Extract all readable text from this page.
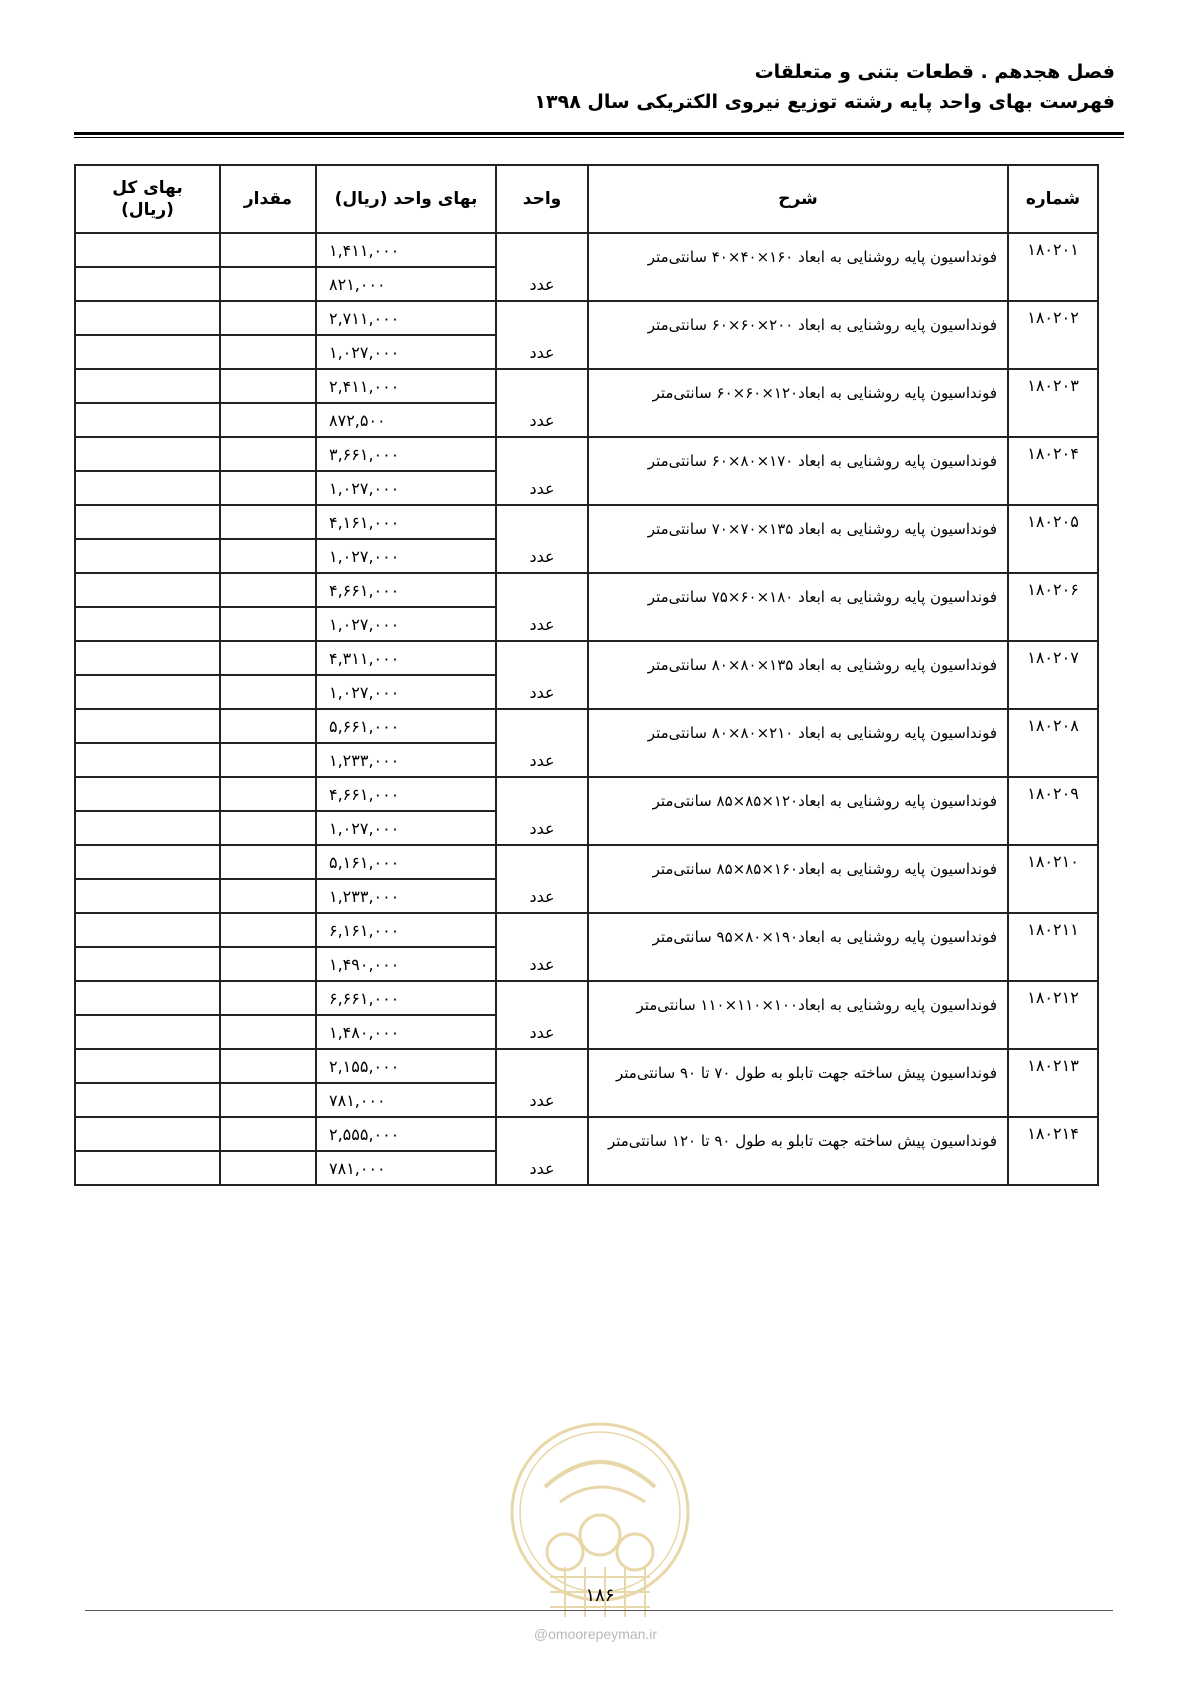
فصل هجدهم . قطعات بتنی و متعلقات
فهرست بهای واحد پایه رشته توزیع نیروی الکتریکی سال ۱۳۹۸
شماره	شرح	واحد	بهای واحد (ریال)	مقدار	بهای کل
(ریال)

۱۸۰۲۰۱	فونداسیون پایه روشنایی به ابعاد ۱۶۰×۴۰×۴۰ سانتی‌متر	عدد	۱,۴۱۱,۰۰۰		
			۸۲۱,۰۰۰		
۱۸۰۲۰۲	فونداسیون پایه روشنایی به ابعاد ۲۰۰×۶۰×۶۰ سانتی‌متر	عدد	۲,۷۱۱,۰۰۰		
			۱,۰۲۷,۰۰۰		
۱۸۰۲۰۳	فونداسیون پایه روشنایی به ابعاد۱۲۰×۶۰×۶۰ سانتی‌متر	عدد	۲,۴۱۱,۰۰۰		
			۸۷۲,۵۰۰		
۱۸۰۲۰۴	فونداسیون پایه روشنایی به ابعاد ۱۷۰×۸۰×۶۰ سانتی‌متر	عدد	۳,۶۶۱,۰۰۰		
			۱,۰۲۷,۰۰۰		
۱۸۰۲۰۵	فونداسیون پایه روشنایی به ابعاد ۱۳۵×۷۰×۷۰ سانتی‌متر	عدد	۴,۱۶۱,۰۰۰		
			۱,۰۲۷,۰۰۰		
۱۸۰۲۰۶	فونداسیون پایه روشنایی به ابعاد ۱۸۰×۶۰×۷۵ سانتی‌متر	عدد	۴,۶۶۱,۰۰۰		
			۱,۰۲۷,۰۰۰		
۱۸۰۲۰۷	فونداسیون پایه روشنایی به ابعاد ۱۳۵×۸۰×۸۰ سانتی‌متر	عدد	۴,۳۱۱,۰۰۰		
			۱,۰۲۷,۰۰۰		
۱۸۰۲۰۸	فونداسیون پایه روشنایی به ابعاد ۲۱۰×۸۰×۸۰ سانتی‌متر	عدد	۵,۶۶۱,۰۰۰		
			۱,۲۳۳,۰۰۰		
۱۸۰۲۰۹	فونداسیون پایه روشنایی به ابعاد۱۲۰×۸۵×۸۵ سانتی‌متر	عدد	۴,۶۶۱,۰۰۰		
			۱,۰۲۷,۰۰۰		
۱۸۰۲۱۰	فونداسیون پایه روشنایی به ابعاد۱۶۰×۸۵×۸۵ سانتی‌متر	عدد	۵,۱۶۱,۰۰۰		
			۱,۲۳۳,۰۰۰		
۱۸۰۲۱۱	فونداسیون پایه روشنایی به ابعاد۱۹۰×۸۰×۹۵ سانتی‌متر	عدد	۶,۱۶۱,۰۰۰		
			۱,۴۹۰,۰۰۰		
۱۸۰۲۱۲	فونداسیون پایه روشنایی به ابعاد۱۰۰×۱۱۰×۱۱۰ سانتی‌متر	عدد	۶,۶۶۱,۰۰۰		
			۱,۴۸۰,۰۰۰		
۱۸۰۲۱۳	فونداسیون پیش ساخته جهت تابلو به طول ۷۰ تا ۹۰ سانتی‌متر	عدد	۲,۱۵۵,۰۰۰		
			۷۸۱,۰۰۰		
۱۸۰۲۱۴	فونداسیون پیش ساخته جهت تابلو به طول ۹۰ تا ۱۲۰ سانتی‌متر	عدد	۲,۵۵۵,۰۰۰		
			۷۸۱,۰۰۰		
۱۸۶
@omoorepeyman.ir
